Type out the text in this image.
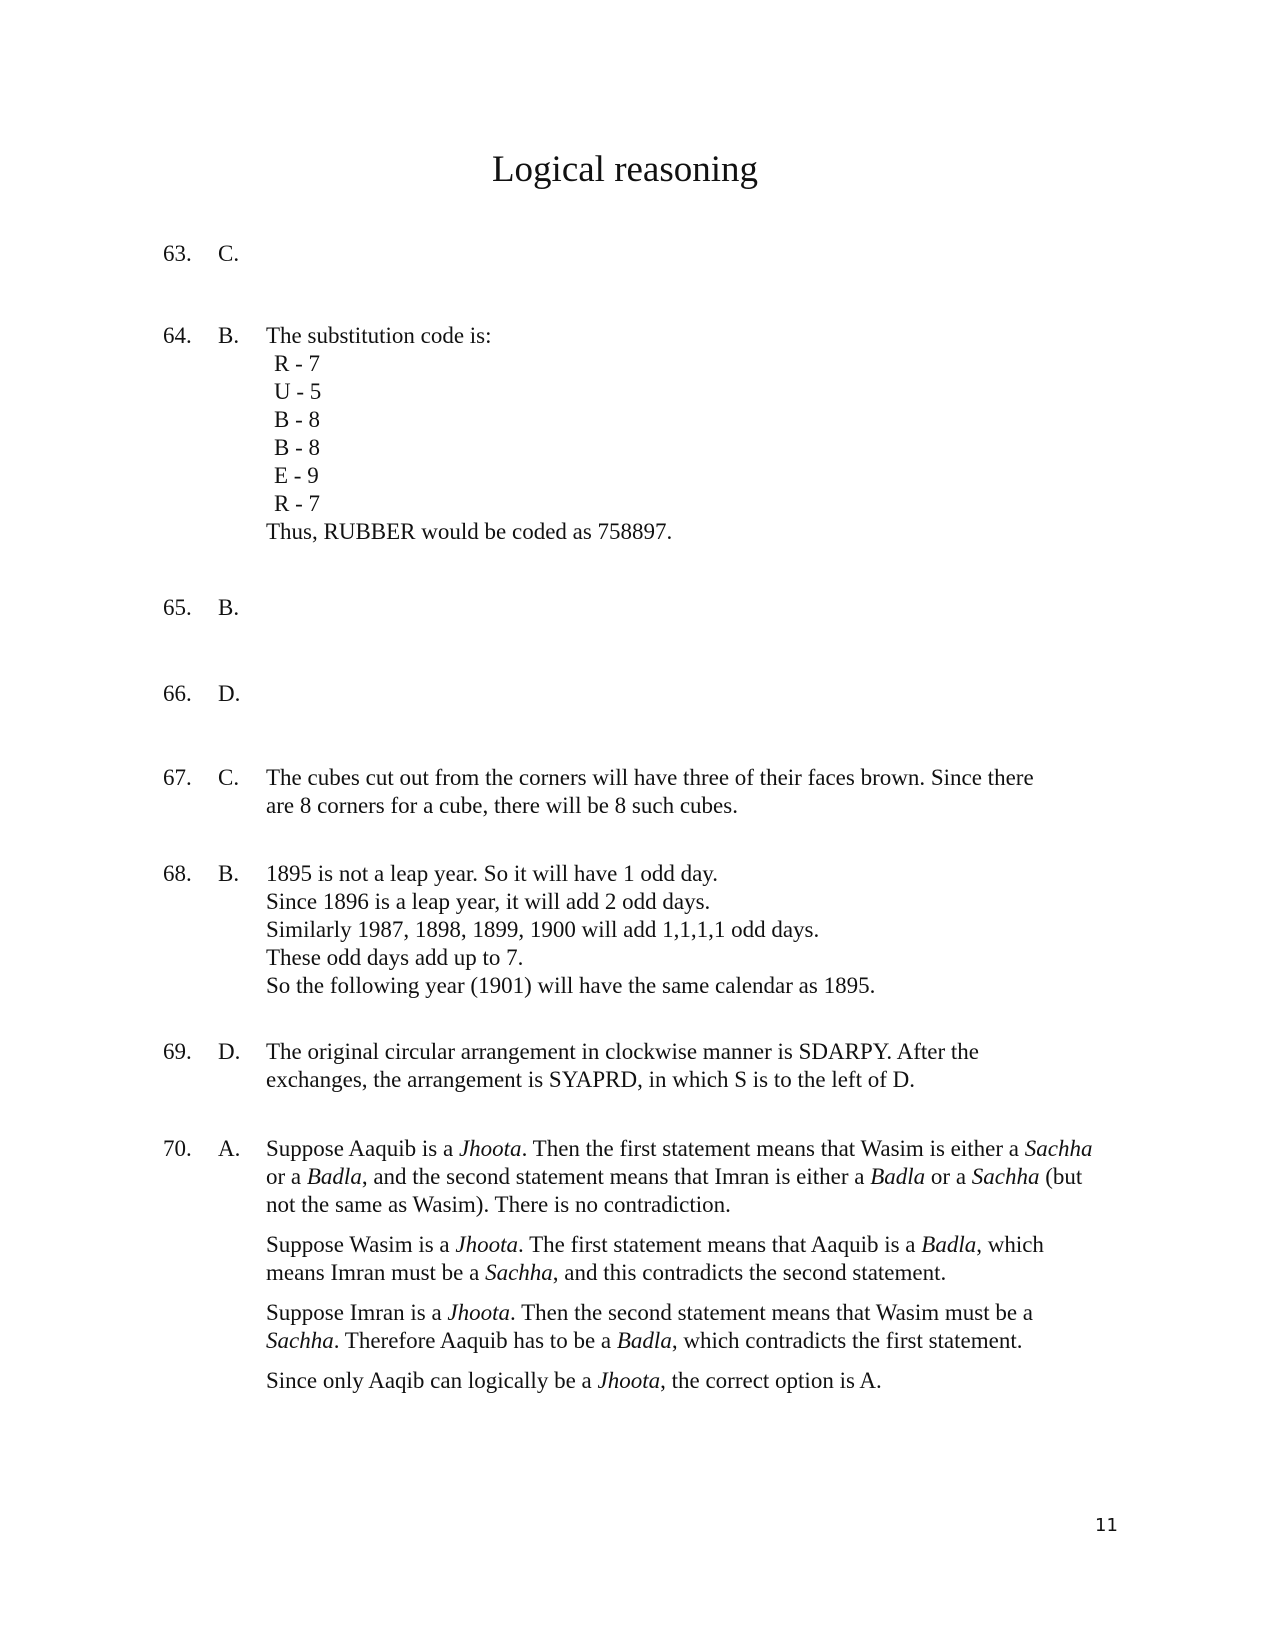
Logical reasoning
63. C.
64. B. The substitution code is:
R - 7
U - 5
B - 8
B - 8
E - 9
R - 7
Thus, RUBBER would be coded as 758897.
65. B.
66. D.
67. C. The cubes cut out from the corners will have three of their faces brown. Since there
are 8 corners for a cube, there will be 8 such cubes.
68. B. 1895 is not a leap year. So it will have 1 odd day.
Since 1896 is a leap year, it will add 2 odd days.
Similarly 1987, 1898, 1899, 1900 will add 1,1,1,1 odd days.
These odd days add up to 7.
So the following year (1901) will have the same calendar as 1895.
69. D. The original circular arrangement in clockwise manner is SDARPY. After the
exchanges, the arrangement is SYAPRD, in which S is to the left of D.
70. A. Suppose Aaquib is a Jhoota. Then the first statement means that Wasim is either a Sachha or a Badla, and the second statement means that Imran is either a Badla or a Sachha (but not the same as Wasim). There is no contradiction.

Suppose Wasim is a Jhoota. The first statement means that Aaquib is a Badla, which means Imran must be a Sachha, and this contradicts the second statement.

Suppose Imran is a Jhoota. Then the second statement means that Wasim must be a Sachha. Therefore Aaquib has to be a Badla, which contradicts the first statement.

Since only Aaqib can logically be a Jhoota, the correct option is A.

11
